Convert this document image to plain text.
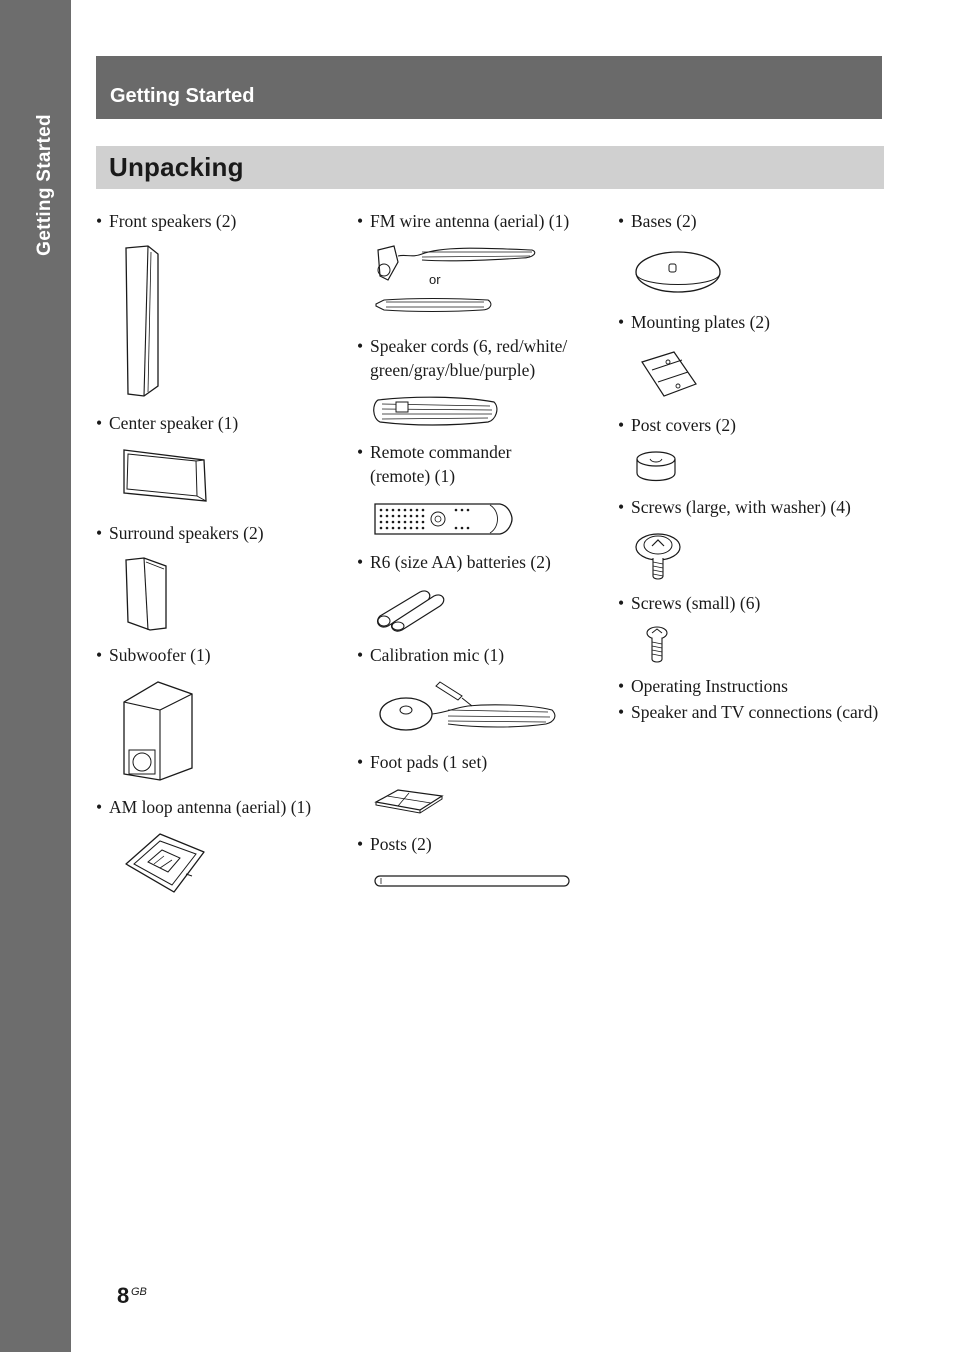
Getting Started
Getting Started
Unpacking

• Front speakers (2)

• Center speaker (1)

• Surround speakers (2)

• Subwoofer (1)

• AM loop antenna (aerial) (1)

• FM wire antenna (aerial) (1)

or

• Speaker cords (6, red/white/ green/gray/blue/purple)

• Remote commander (remote) (1)

• R6 (size AA) batteries (2)

• Calibration mic (1)

• Foot pads (1 set)

• Posts (2)

• Bases (2)

• Mounting plates (2)

• Post covers (2)

• Screws (large, with washer) (4)

• Screws (small) (6)

• Operating Instructions

• Speaker and TV connections (card)

8 GB
